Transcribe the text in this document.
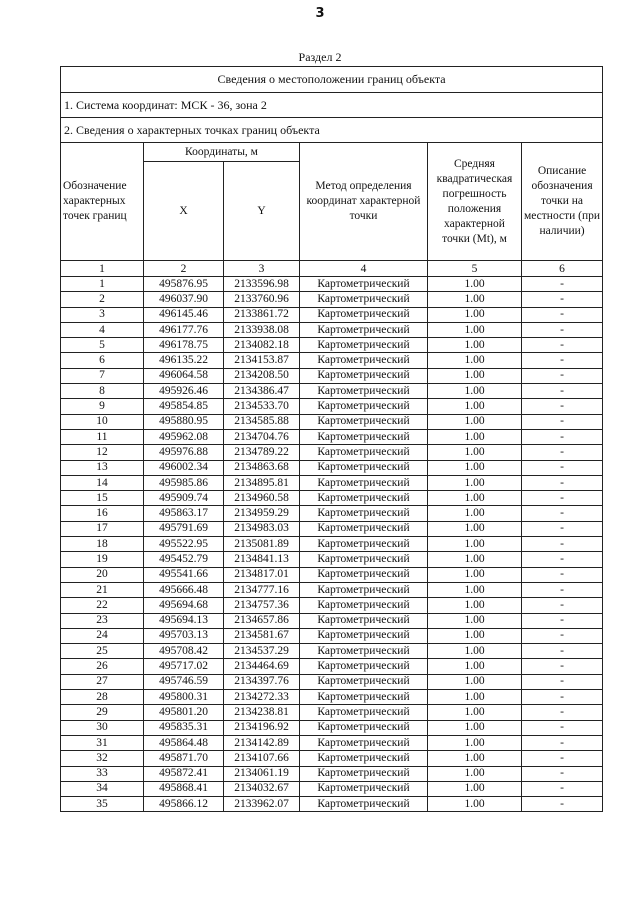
3
Раздел 2
Сведения о местоположении границ объекта					
1. Система координат: МСК - 36, зона 2					
2. Сведения о характерных точках границ объекта					
Обозначение характерных точек границ	Координаты, м		Метод определения координат характерной точки	Средняя квадратическая погрешность положения характерной точки (Mt), м	Описание обозначения точки на местности (при наличии)
	X	Y			
1	2	3	4	5	6
1	495876.95	2133596.98	Картометрический	1.00	-
2	496037.90	2133760.96	Картометрический	1.00	-
3	496145.46	2133861.72	Картометрический	1.00	-
4	496177.76	2133938.08	Картометрический	1.00	-
5	496178.75	2134082.18	Картометрический	1.00	-
6	496135.22	2134153.87	Картометрический	1.00	-
7	496064.58	2134208.50	Картометрический	1.00	-
8	495926.46	2134386.47	Картометрический	1.00	-
9	495854.85	2134533.70	Картометрический	1.00	-
10	495880.95	2134585.88	Картометрический	1.00	-
11	495962.08	2134704.76	Картометрический	1.00	-
12	495976.88	2134789.22	Картометрический	1.00	-
13	496002.34	2134863.68	Картометрический	1.00	-
14	495985.86	2134895.81	Картометрический	1.00	-
15	495909.74	2134960.58	Картометрический	1.00	-
16	495863.17	2134959.29	Картометрический	1.00	-
17	495791.69	2134983.03	Картометрический	1.00	-
18	495522.95	2135081.89	Картометрический	1.00	-
19	495452.79	2134841.13	Картометрический	1.00	-
20	495541.66	2134817.01	Картометрический	1.00	-
21	495666.48	2134777.16	Картометрический	1.00	-
22	495694.68	2134757.36	Картометрический	1.00	-
23	495694.13	2134657.86	Картометрический	1.00	-
24	495703.13	2134581.67	Картометрический	1.00	-
25	495708.42	2134537.29	Картометрический	1.00	-
26	495717.02	2134464.69	Картометрический	1.00	-
27	495746.59	2134397.76	Картометрический	1.00	-
28	495800.31	2134272.33	Картометрический	1.00	-
29	495801.20	2134238.81	Картометрический	1.00	-
30	495835.31	2134196.92	Картометрический	1.00	-
31	495864.48	2134142.89	Картометрический	1.00	-
32	495871.70	2134107.66	Картометрический	1.00	-
33	495872.41	2134061.19	Картометрический	1.00	-
34	495868.41	2134032.67	Картометрический	1.00	-
35	495866.12	2133962.07	Картометрический	1.00	-
